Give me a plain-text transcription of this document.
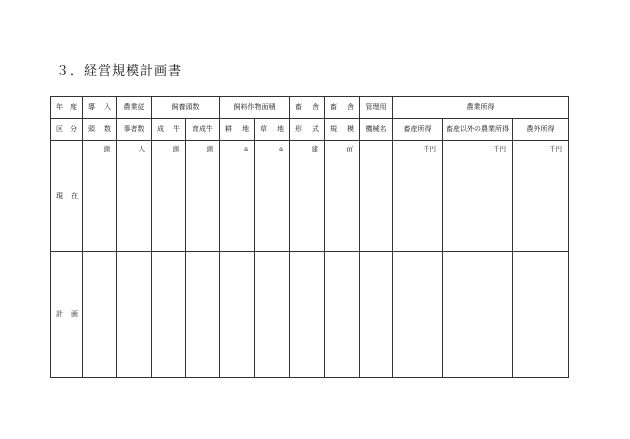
３．経営規模計画書
年 度	導 入	農業従	飼養頭数		飼料作物面積		畜 舎	畜 舎	管理用	農業所得		

区 分	頭 数	事者数	成 牛	育成牛	耕 地	草 地	形 式	規 模	機械名	畜産所得	畜産以外の農業所得	農外所得

現 在	頭	人	頭	頭	a	a	建	㎡		千円	千円	千円

計 画												
